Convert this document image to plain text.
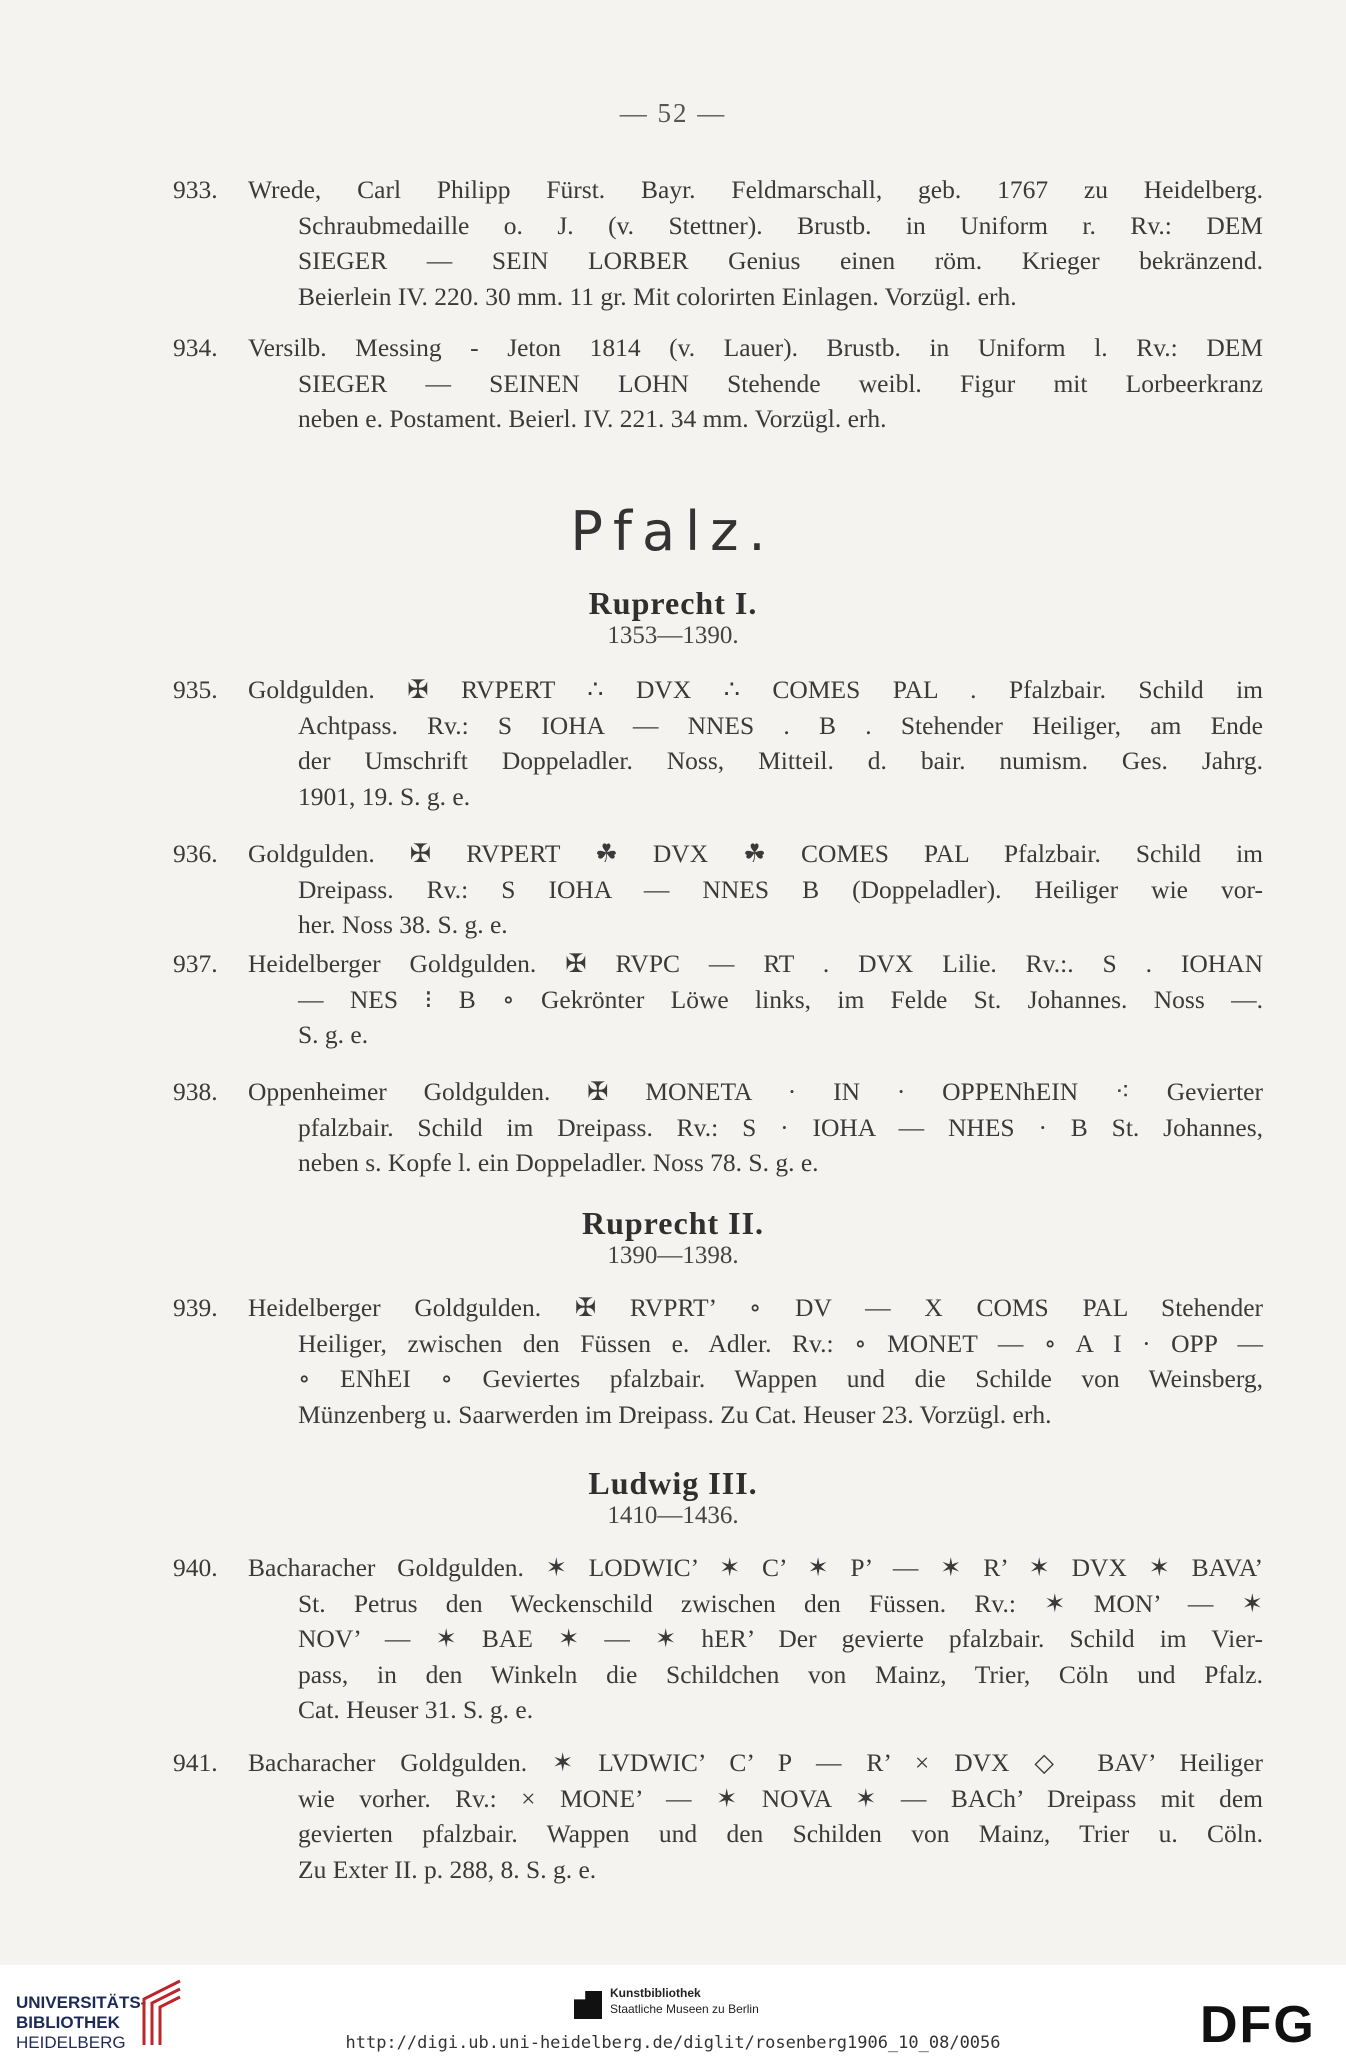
— 52 —
933.	Wrede, Carl Philipp Fürst. Bayr. Feldmarschall, geb. 1767 zu Heidelberg.
Schraubmedaille o. J. (v. Stettner). Brustb. in Uniform r. Rv.: DEM
SIEGER — SEIN LORBER Genius einen röm. Krieger bekränzend.
Beierlein IV. 220. 30 mm. 11 gr. Mit colorirten Einlagen. Vorzügl. erh.
934.	Versilb. Messing - Jeton 1814 (v. Lauer). Brustb. in Uniform l. Rv.: DEM
SIEGER — SEINEN LOHN Stehende weibl. Figur mit Lorbeerkranz
neben e. Postament. Beierl. IV. 221. 34 mm. Vorzügl. erh.
Pfalz.
Ruprecht I.
1353—1390.
935.	Goldgulden. ✠ RVPERT ∴ DVX ∴ COMES PAL . Pfalzbair. Schild im
Achtpass. Rv.: S IOHA — NNES . B . Stehender Heiliger, am Ende
der Umschrift Doppeladler. Noss, Mitteil. d. bair. numism. Ges. Jahrg.
1901, 19. S. g. e.
936.	Goldgulden. ✠ RVPERT ☘ DVX ☘ COMES PAL Pfalzbair. Schild im
Dreipass. Rv.: S IOHA — NNES B (Doppeladler). Heiliger wie vor-
her. Noss 38. S. g. e.
937.	Heidelberger Goldgulden. ✠ RVPC — RT . DVX Lilie. Rv.:. S . IOHAN
— NES ⁝ B ∘ Gekrönter Löwe links, im Felde St. Johannes. Noss —.
S. g. e.
938.	Oppenheimer Goldgulden. ✠ MONETA · IN · OPPENhEIN ⁖ Gevierter
pfalzbair. Schild im Dreipass. Rv.: S · IOHA — NHES · B St. Johannes,
neben s. Kopfe l. ein Doppeladler. Noss 78. S. g. e.
Ruprecht II.
1390—1398.
939.	Heidelberger Goldgulden. ✠ RVPRT’ ∘ DV — X COMS PAL Stehender
Heiliger, zwischen den Füssen e. Adler. Rv.: ∘ MONET — ∘ A I · OPP —
∘ ENhEI ∘ Geviertes pfalzbair. Wappen und die Schilde von Weinsberg,
Münzenberg u. Saarwerden im Dreipass. Zu Cat. Heuser 23. Vorzügl. erh.
Ludwig III.
1410—1436.
940.	Bacharacher Goldgulden. ✶ LODWIC’ ✶ C’ ✶ P’ — ✶ R’ ✶ DVX ✶ BAVA’
St. Petrus den Weckenschild zwischen den Füssen. Rv.: ✶ MON’ — ✶
NOV’ — ✶ BAE ✶ — ✶ hER’ Der gevierte pfalzbair. Schild im Vier-
pass, in den Winkeln die Schildchen von Mainz, Trier, Cöln und Pfalz.
Cat. Heuser 31. S. g. e.
941.	Bacharacher Goldgulden. ✶ LVDWIC’ C’ P — R’ × DVX ◇ BAV’ Heiliger
wie vorher. Rv.: × MONE’ — ✶ NOVA ✶ — BACh’ Dreipass mit dem
gevierten pfalzbair. Wappen und den Schilden von Mainz, Trier u. Cöln.
Zu Exter II. p. 288, 8. S. g. e.
UNIVERSITÄTS-
BIBLIOTHEK
HEIDELBERG
Kunstbibliothek
Staatliche Museen zu Berlin	DFG
http://digi.ub.uni-heidelberg.de/diglit/rosenberg1906_10_08/0056
